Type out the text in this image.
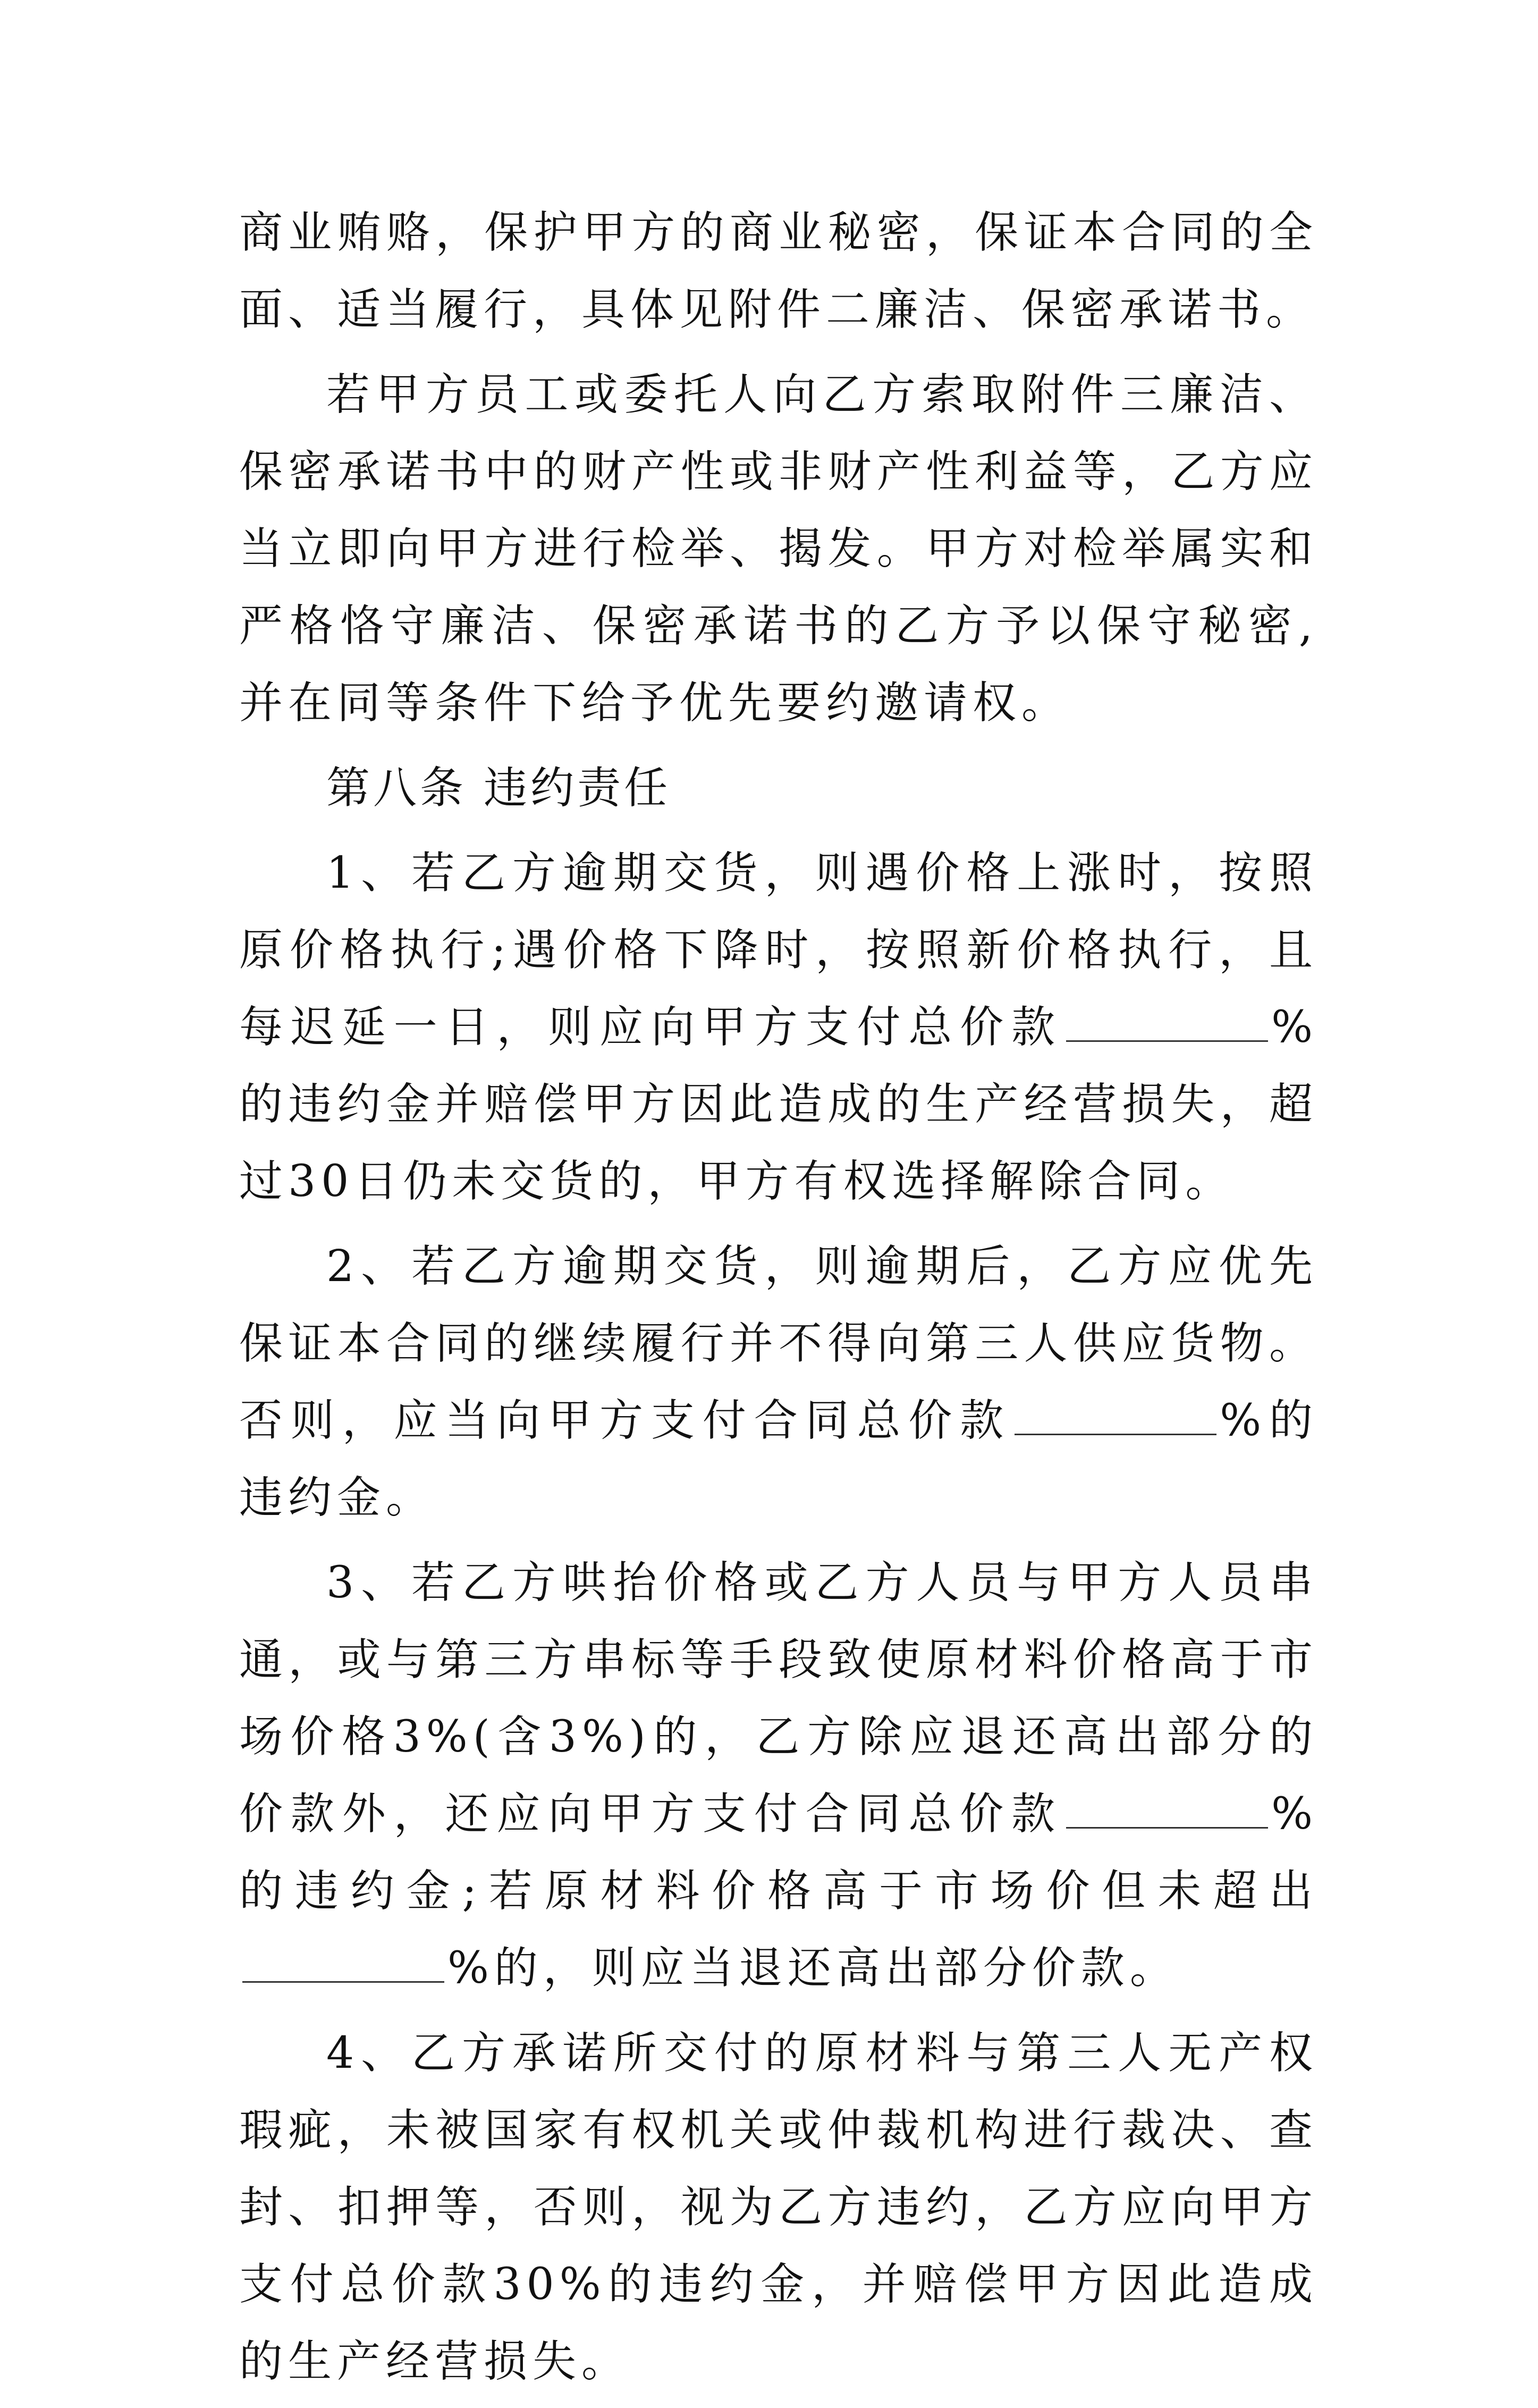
商业贿赂，保护甲方的商业秘密，保证本合同的全面、适当履行，具体见附件二廉洁、保密承诺书。

若甲方员工或委托人向乙方索取附件三廉洁、保密承诺书中的财产性或非财产性利益等，乙方应当立即向甲方进行检举、揭发。甲方对检举属实和严格恪守廉洁、保密承诺书的乙方予以保守秘密,并在同等条件下给予优先要约邀请权。

第八条 违约责任

1、若乙方逾期交货，则遇价格上涨时，按照原价格执行;遇价格下降时，按照新价格执行，且每迟延一日，则应向甲方支付总价款	%的违约金并赔偿甲方因此造成的生产经营损失，超过30日仍未交货的，甲方有权选择解除合同。

2、若乙方逾期交货，则逾期后，乙方应优先保证本合同的继续履行并不得向第三人供应货物。否则，应当向甲方支付合同总价款	%的违约金。

3、若乙方哄抬价格或乙方人员与甲方人员串通，或与第三方串标等手段致使原材料价格高于市场价格3%(含3%)的，乙方除应退还高出部分的价款外，还应向甲方支付合同总价款	%的违约金;若原材料价格高于市场价但未超出%的，则应当退还高出部分价款。

4、乙方承诺所交付的原材料与第三人无产权瑕疵，未被国家有权机关或仲裁机构进行裁决、查封、扣押等，否则，视为乙方违约，乙方应向甲方支付总价款30%的违约金，并赔偿甲方因此造成的生产经营损失。
